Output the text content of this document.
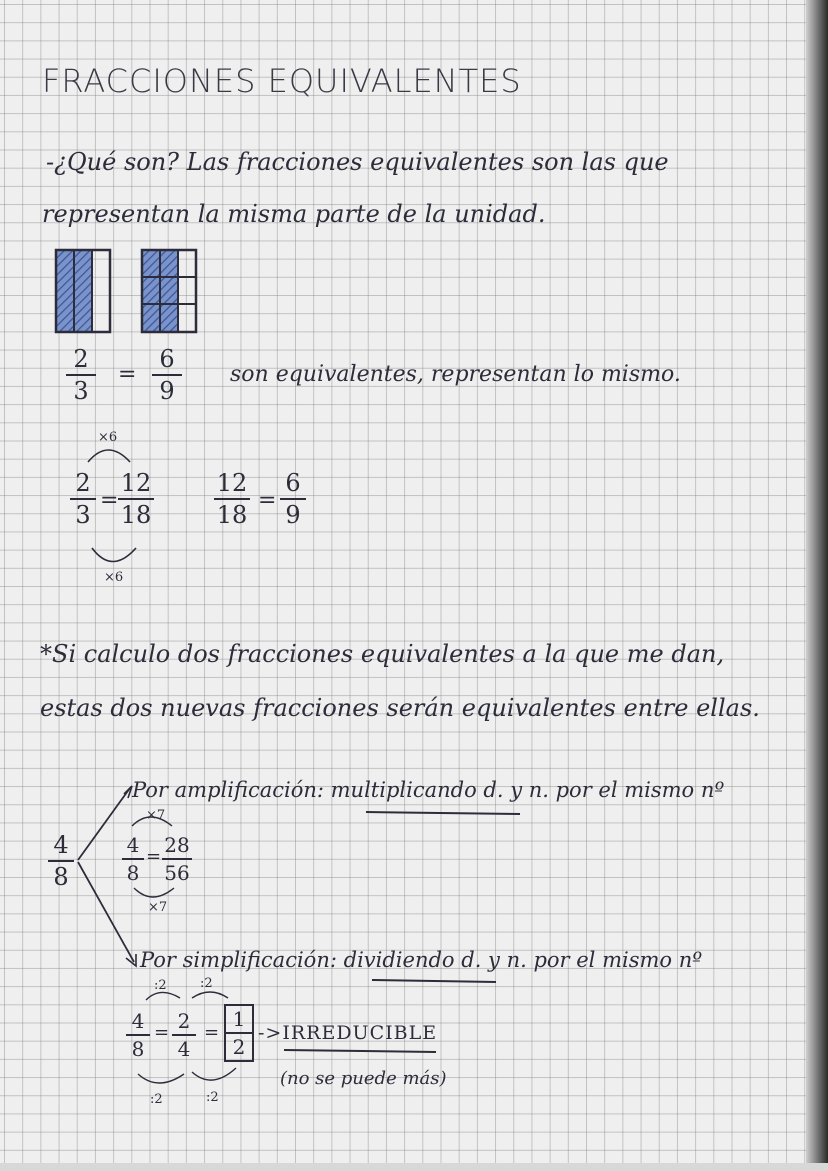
FRACCIONES EQUIVALENTES
-¿Qué son? Las fracciones equivalentes son las que
representan la misma parte de la unidad.
2
3
=
6
9
son equivalentes, representan lo mismo.
×6
2
3
=
12
18
×6
12
18
=
6
9
*Si calculo dos fracciones equivalentes a la que me dan,
estas dos nuevas fracciones serán equivalentes entre ellas.
4
8
Por amplificación: multiplicando d. y n. por el mismo nº
×7
4
8
= 28
56
×7
Por simplificación: dividiendo d. y n. por el mismo nº
:2	:2
4
8
= 2
4
=
1
2
->IRREDUCIBLE
(no se puede más)
:2	:2
